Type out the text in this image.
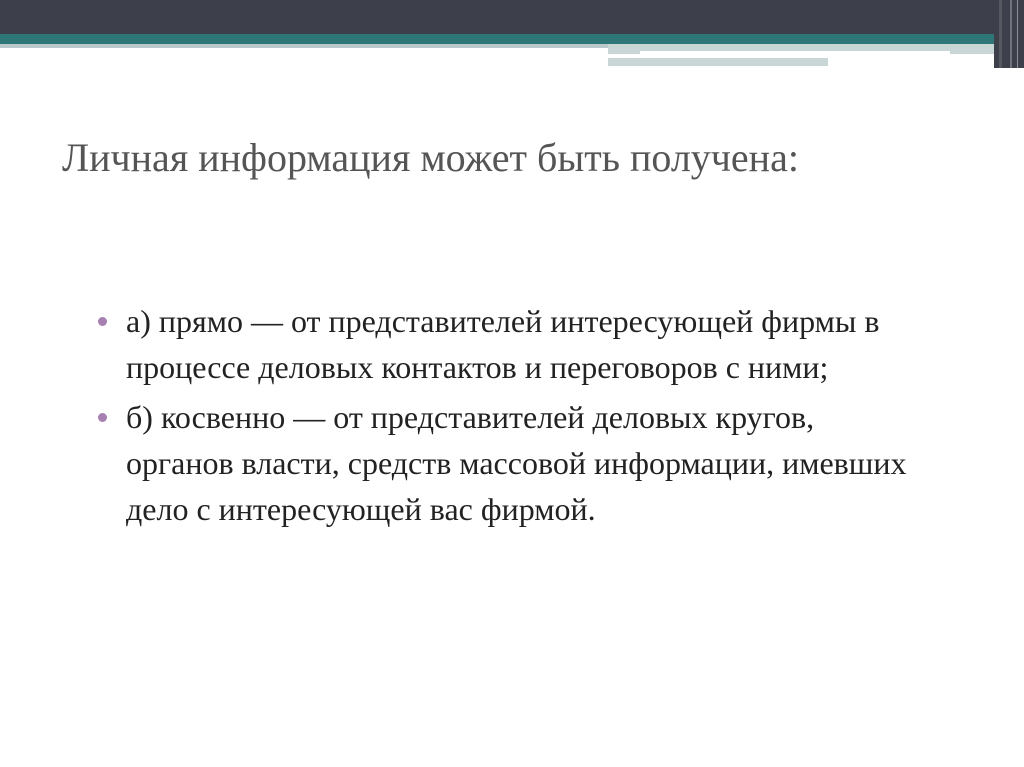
Личная информация может быть получена:
а) прямо — от представителей интересующей фирмы в процессе деловых контактов и переговоров с ними;
б) косвенно — от представителей деловых кругов, органов власти, средств массовой информации, имевших дело с интересующей вас фирмой.
